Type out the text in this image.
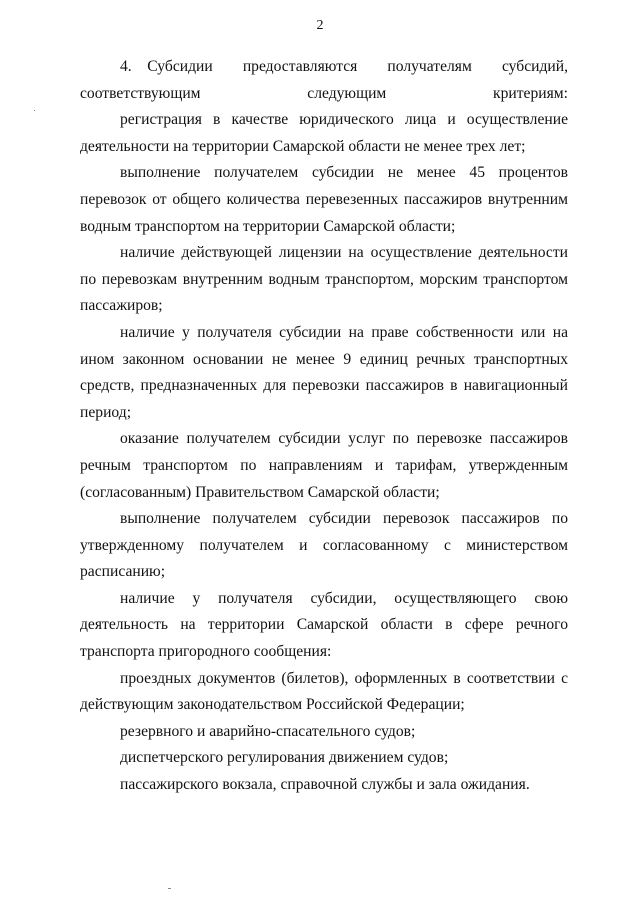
2

4.  Субсидии предоставляются получателям субсидий, соответствующим следующим критериям:

регистрация в качестве юридического лица и осуществление деятельности на территории Самарской области не менее трех лет;

выполнение получателем субсидии не менее 45 процентов перевозок от общего количества перевезенных пассажиров внутренним водным транспортом на территории Самарской области;

наличие действующей лицензии на осуществление деятельности по перевозкам внутренним водным транспортом, морским транспортом пассажиров;

наличие у получателя субсидии на праве собственности или на ином законном основании не менее 9 единиц речных транспортных средств, предназначенных для перевозки пассажиров в навигационный период;

оказание получателем субсидии услуг по перевозке пассажиров речным транспортом по направлениям и тарифам, утвержденным (согласованным) Правительством Самарской области;

выполнение получателем субсидии перевозок пассажиров по утвержденному получателем и согласованному с министерством расписанию;

наличие у получателя субсидии, осуществляющего свою деятельность на территории Самарской области в сфере речного транспорта пригородного сообщения:

проездных документов (билетов), оформленных в соответствии с действующим законодательством Российской Федерации;

резервного и аварийно-спасательного судов;

диспетчерского регулирования движением судов;

пассажирского вокзала, справочной службы и зала ожидания.
